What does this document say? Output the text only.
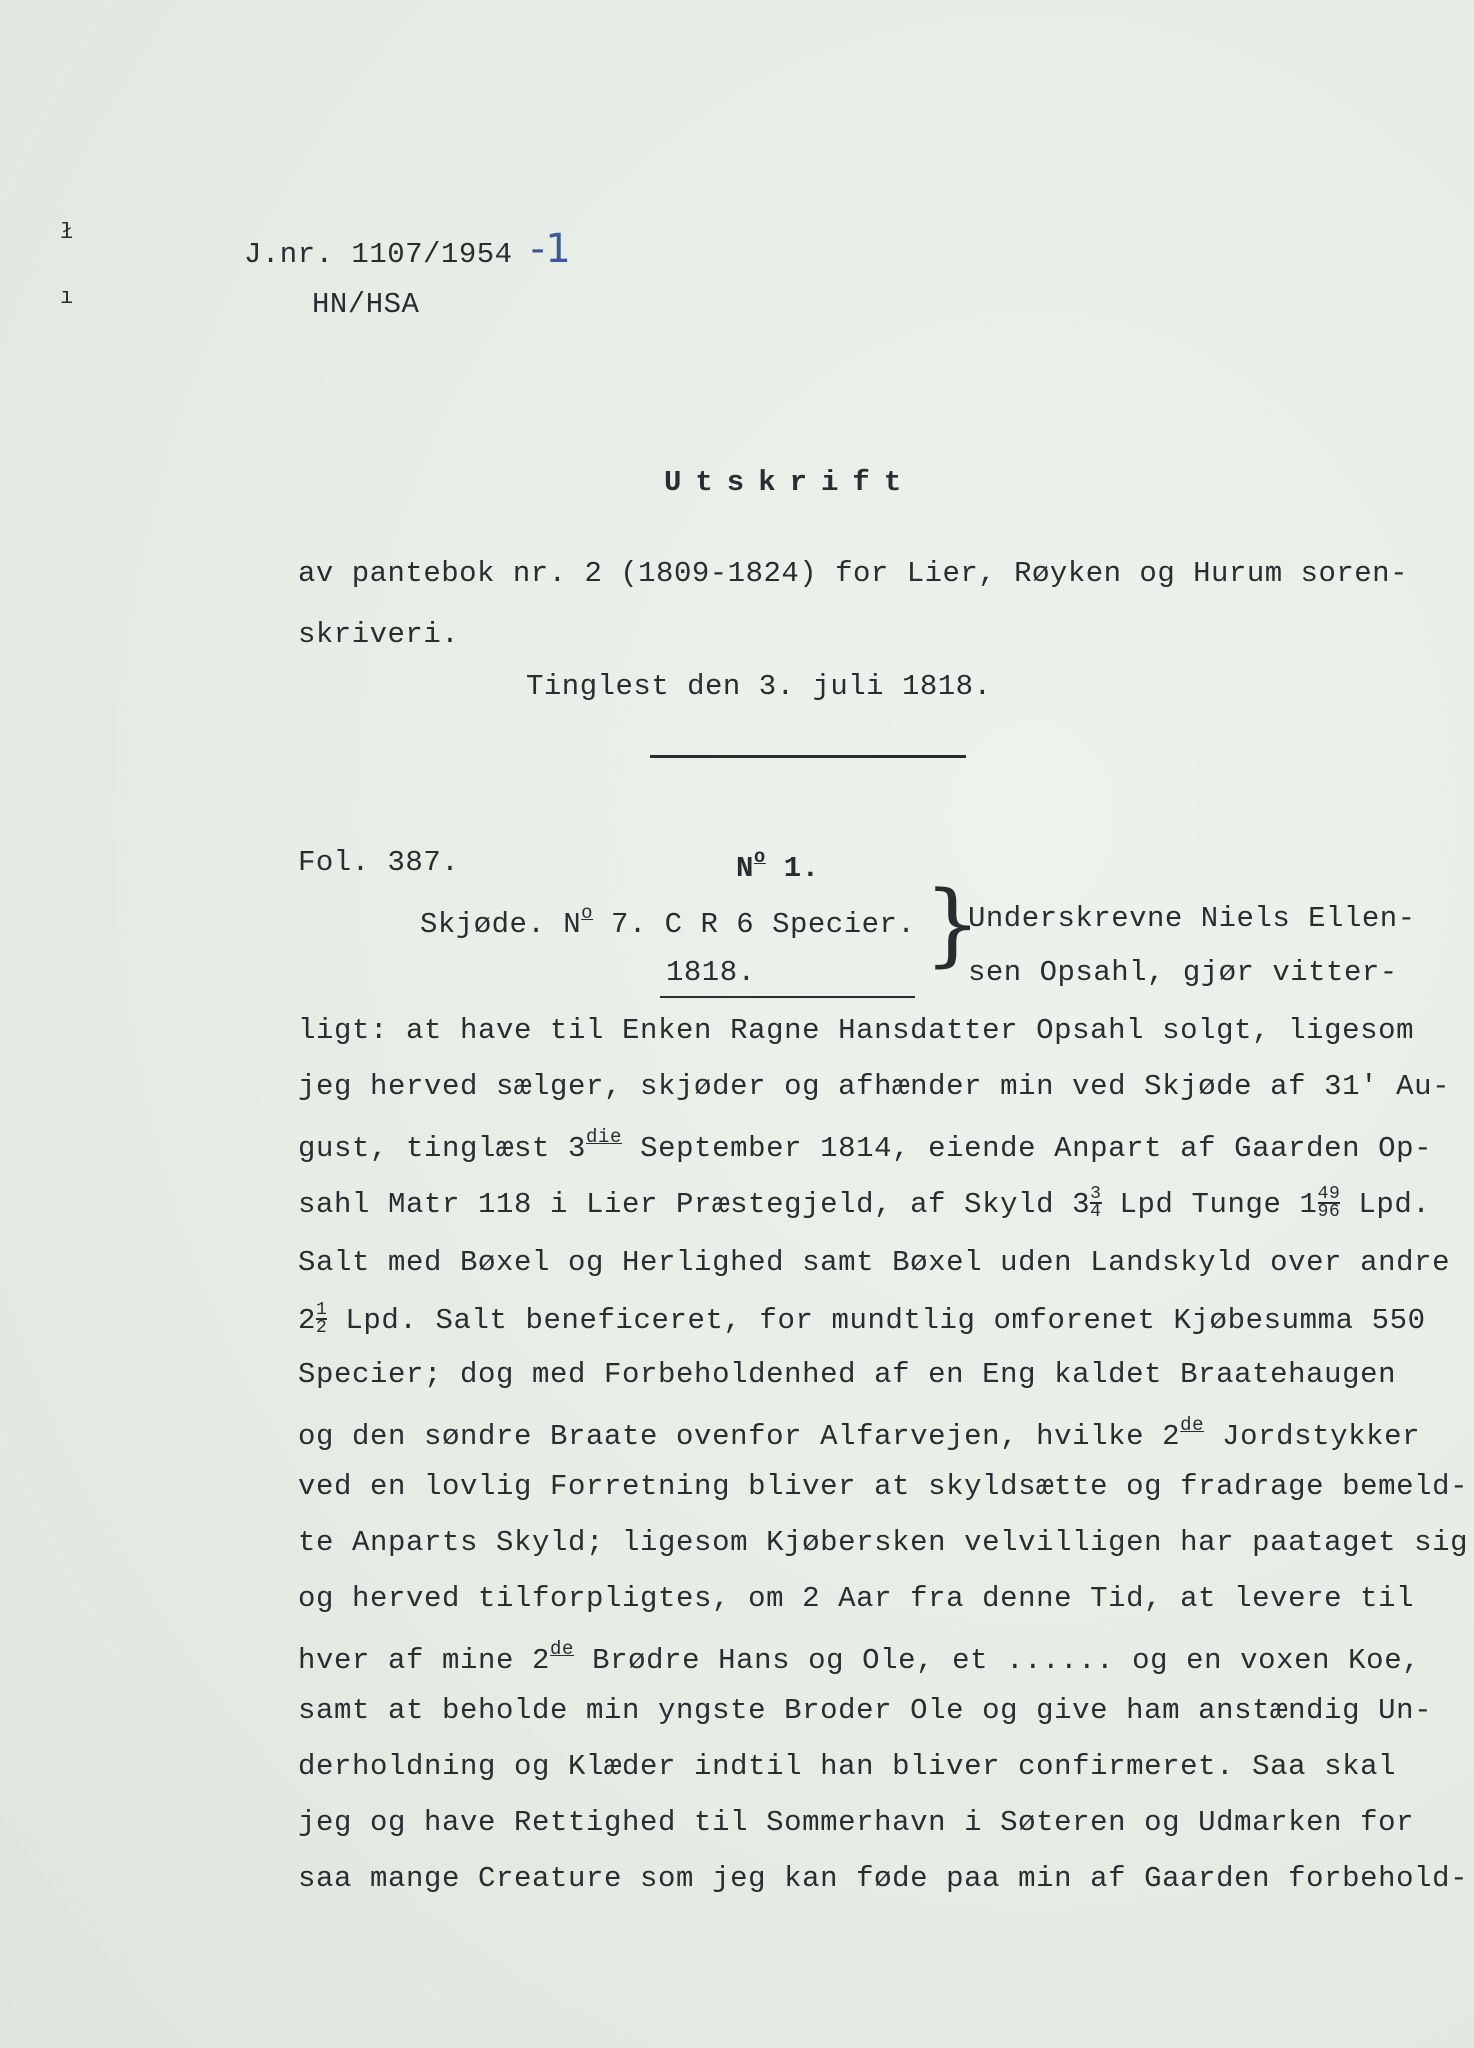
ł
ı
J.nr. 1107/1954 -1
HN/HSA
Utskrift
av pantebok nr. 2 (1809-1824) for Lier, Røyken og Hurum soren-
skriveri.
Tinglest den 3. juli 1818.
Fol. 387.	$N^o$ 1.
Skjøde. $N^o$ 7. C R 6 Specier.
1818. }
Underskrevne Niels Ellen-
sen Opsahl, gjør vitter-
ligt: at have til Enken Ragne Hansdatter Opsahl solgt, ligesom
jeg herved sælger, skjøder og afhænder min ved Skjøde af 31' Au-
gust, tinglæst $3^{die}$ September 1814, eiende Anpart af Gaarden Op-
sahl Matr 118 i Lier Præstegjeld, af Skyld $3 \frac{3}{4}$ Lpd Tunge $1 \frac{49}{96}$ Lpd.
Salt med Bøxel og Herlighed samt Bøxel uden Landskyld over andre
$2 \frac{1}{2}$ Lpd. Salt beneficeret, for mundtlig omforenet Kjøbesumma 550
Specier; dog med Forbeholdenhed af en Eng kaldet Braatehaugen
og den søndre Braate ovenfor Alfarvejen, hvilke 2de Jordstykker
ved en lovlig Forretning bliver at skyldsætte og fradrage bemeld-
te Anparts Skyld; ligesom Kjøbersken velvilligen har paataget sig
og herved tilforpligtes, om 2 Aar fra denne Tid, at levere til
hver af mine 2de Brødre Hans og Ole, et ...... og en voxen Koe,
samt at beholde min yngste Broder Ole og give ham anstændig Un-
derholdning og Klæder indtil han bliver confirmeret. Saa skal
jeg og have Rettighed til Sommerhavn i Søteren og Udmarken for
saa mange Creature som jeg kan føde paa min af Gaarden forbehold-
